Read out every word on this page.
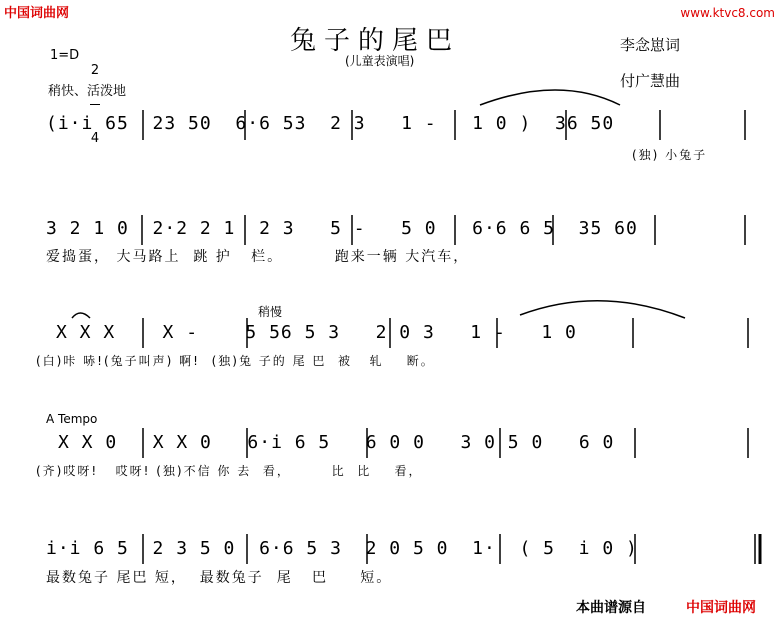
中国词曲网	www.ktvc8.com
兔子的尾巴
(儿童表演唱)
李念崽词
付广慧曲
1=D

2

4

稍快、活泼地
(i·i 65  23 50  6·6 53  2 3   1 -   1 0 )  36 50
(独) 小兔子
3 2 1 0  2·2 2 1  2 3   5 -   5 0   6·6 6 5  35 60
爱捣蛋， 大马路上  跳 护   栏。        跑来一辆 大汽车，
稍慢
X X X    X -    5 56 5 3   2 0 3   1 -   1 0
(白)咔 哧!(兔子叫声) 啊!  (独)兔 子的 尾 巴  被   轧    断。
A Tempo
X X 0   X X 0   6·i 6 5   6 0 0   3 0 5 0   6 0
(齐)哎呀!   哎呀! (独)不信 你 去  看，       比  比    看，
i·i 6 5  2 3 5 0  6·6 5 3  2 0 5 0  1·  ( 5  i 0 )
最数兔子 尾巴 短，  最数兔子  尾   巴     短。
本曲谱源自	中国词曲网
